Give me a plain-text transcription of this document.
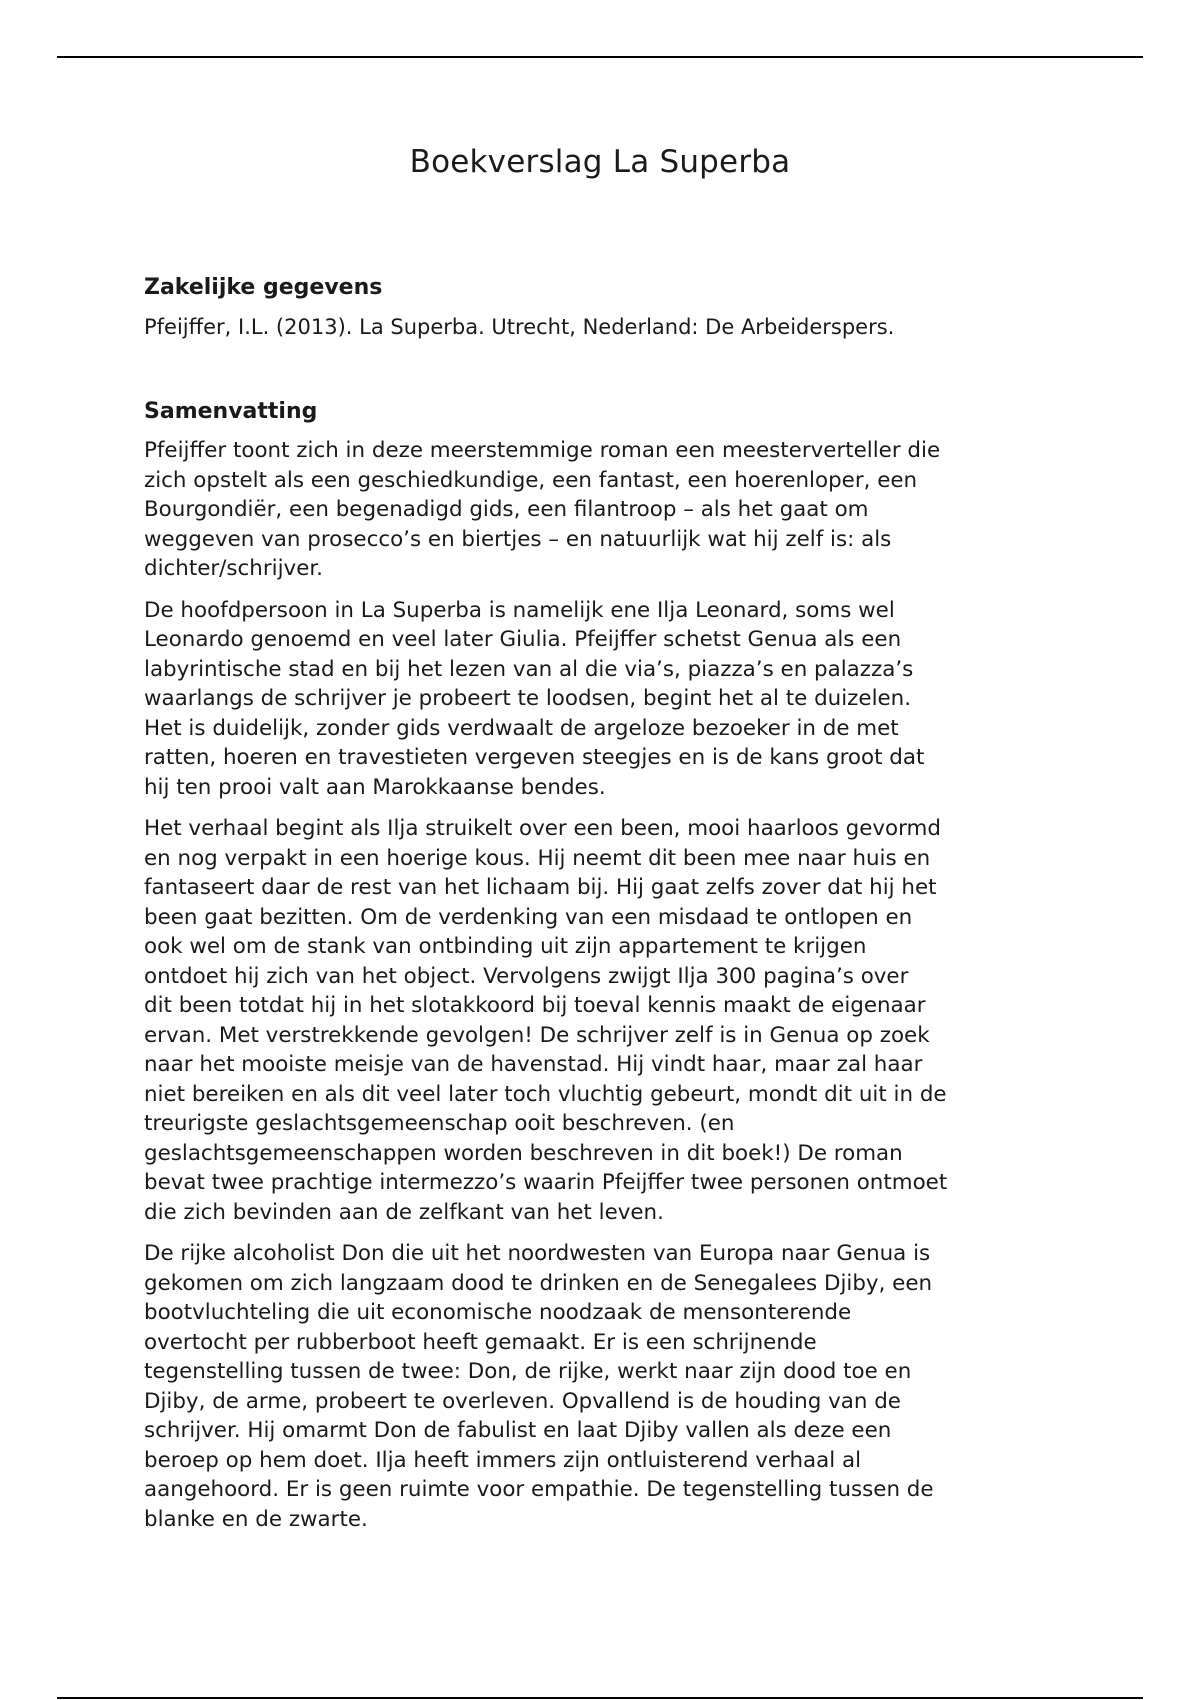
Boekverslag La Superba
Zakelijke gegevens

Pfeijffer, I.L. (2013). La Superba. Utrecht, Nederland: De Arbeiderspers.

Samenvatting

Pfeijffer toont zich in deze meerstemmige roman een meesterverteller die
zich opstelt als een geschiedkundige, een fantast, een hoerenloper, een
Bourgondiër, een begenadigd gids, een filantroop – als het gaat om
weggeven van prosecco’s en biertjes – en natuurlijk wat hij zelf is: als
dichter/schrijver.

De hoofdpersoon in La Superba is namelijk ene Ilja Leonard, soms wel
Leonardo genoemd en veel later Giulia. Pfeijffer schetst Genua als een
labyrintische stad en bij het lezen van al die via’s, piazza’s en palazza’s
waarlangs de schrijver je probeert te loodsen, begint het al te duizelen.
Het is duidelijk, zonder gids verdwaalt de argeloze bezoeker in de met
ratten, hoeren en travestieten vergeven steegjes en is de kans groot dat
hij ten prooi valt aan Marokkaanse bendes.

Het verhaal begint als Ilja struikelt over een been, mooi haarloos gevormd
en nog verpakt in een hoerige kous. Hij neemt dit been mee naar huis en
fantaseert daar de rest van het lichaam bij. Hij gaat zelfs zover dat hij het
been gaat bezitten. Om de verdenking van een misdaad te ontlopen en
ook wel om de stank van ontbinding uit zijn appartement te krijgen
ontdoet hij zich van het object. Vervolgens zwijgt Ilja 300 pagina’s over
dit been totdat hij in het slotakkoord bij toeval kennis maakt de eigenaar
ervan. Met verstrekkende gevolgen! De schrijver zelf is in Genua op zoek
naar het mooiste meisje van de havenstad. Hij vindt haar, maar zal haar
niet bereiken en als dit veel later toch vluchtig gebeurt, mondt dit uit in de
treurigste geslachtsgemeenschap ooit beschreven. (en
geslachtsgemeenschappen worden beschreven in dit boek!) De roman
bevat twee prachtige intermezzo’s waarin Pfeijffer twee personen ontmoet
die zich bevinden aan de zelfkant van het leven.

De rijke alcoholist Don die uit het noordwesten van Europa naar Genua is
gekomen om zich langzaam dood te drinken en de Senegalees Djiby, een
bootvluchteling die uit economische noodzaak de mensonterende
overtocht per rubberboot heeft gemaakt. Er is een schrijnende
tegenstelling tussen de twee: Don, de rijke, werkt naar zijn dood toe en
Djiby, de arme, probeert te overleven. Opvallend is de houding van de
schrijver. Hij omarmt Don de fabulist en laat Djiby vallen als deze een
beroep op hem doet. Ilja heeft immers zijn ontluisterend verhaal al
aangehoord. Er is geen ruimte voor empathie. De tegenstelling tussen de
blanke en de zwarte.
